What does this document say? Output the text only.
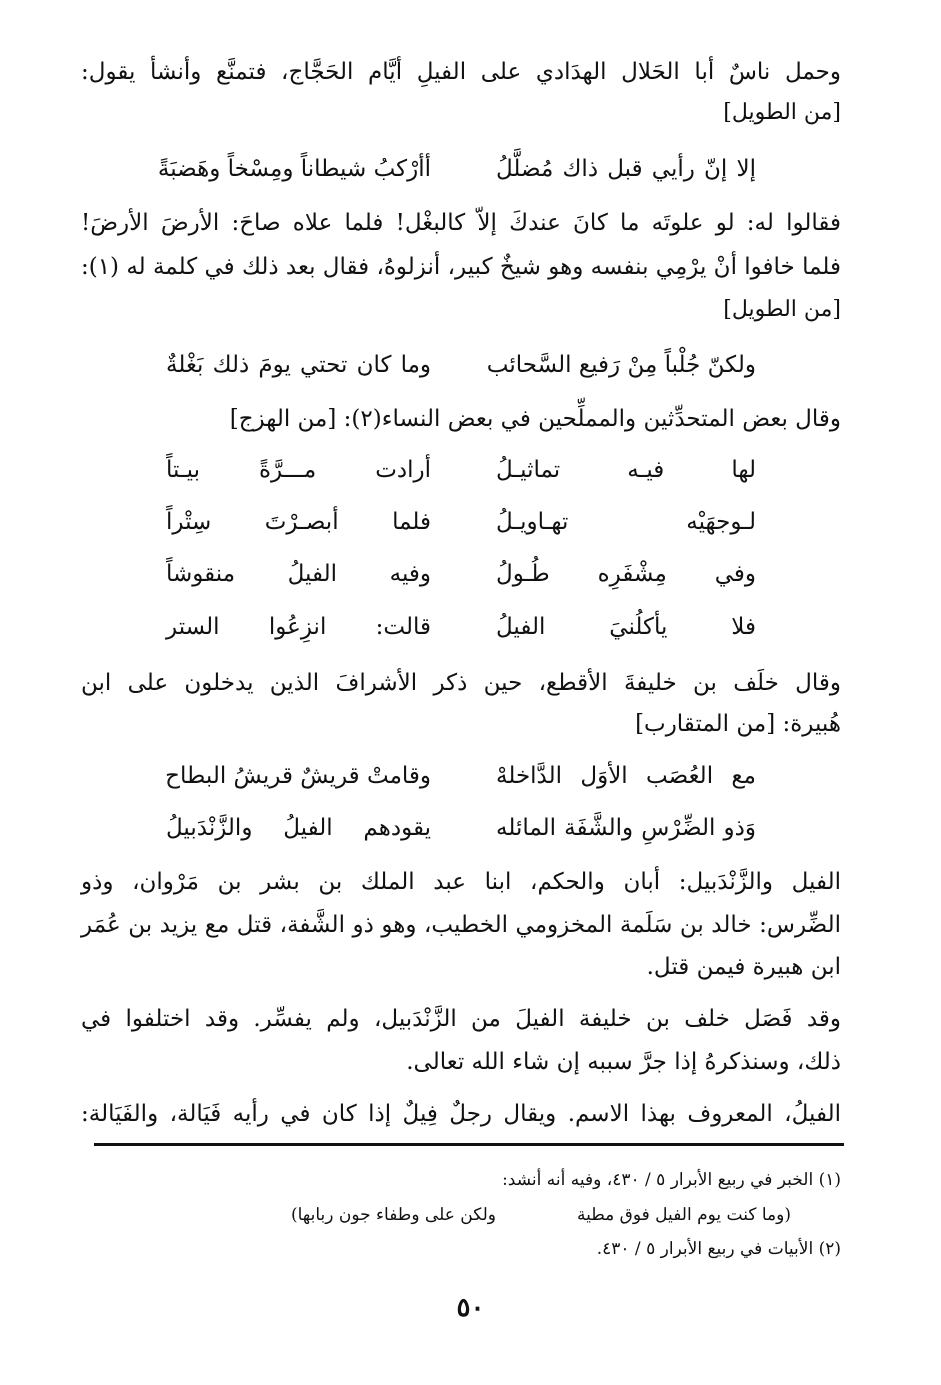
وحمل ناسٌ أبا الحَلال الهدَادي على الفيلِ أيَّام الحَجَّاج، فتمنَّع وأنشأ يقول:
[من الطويل]
أأرْكبُ شيطاناً ومِسْخاً وهَضبَةً	إلا إنّ رأيي قبل ذاك مُضلَّلُ
فقالوا له: لو علوتَه ما كانَ عندكَ إلاّ كالبغْل! فلما علاه صاحَ: الأرضَ الأرضَ!
فلما خافوا أنْ يرْمِي بنفسه وهو شيخٌ كبير، أنزلوهُ، فقال بعد ذلك في كلمة له (١):
[من الطويل]
وما كان تحتي يومَ ذلك بَغْلةٌ ولكنّ جُلْباً مِنْ رَفيع السَّحائب
وقال بعض المتحدِّثين والمملِّحين في بعض النساء(٢): [من الهزج]
أرادت مـــرَّةً بيـتاً	لها فيـه تماثيـلُ
فلما أبصـرْتَ سِتْراً	لـوجهَيْه تهـاويـلُ
وفيه الفيلُ منقوشاً	وفي مِشْفَرِه طُـولُ
قالت: انزِعُوا الستر	فلا يأكلُنيَ الفيلُ
وقال خلَف بن خليفةَ الأقطع، حين ذكر الأشرافَ الذين يدخلون على ابن
هُبيرة: [من المتقارب]
وقامتْ قريشٌ قريشُ البطاح	مع العُصَب الأوَل الدَّاخلهْ
يقودهم الفيلُ والزَّنْدَبيلُ	وَذو الضِّرْسِ والشَّفَة المائله
الفيل والزَّنْدَبيل: أبان والحكم، ابنا عبد الملك بن بشر بن مَرْوان، وذو
الضِّرس: خالد بن سَلَمة المخزومي الخطيب، وهو ذو الشَّفة، قتل مع يزيد بن عُمَر
ابن هبيرة فيمن قتل.
وقد فَصَل خلف بن خليفة الفيلَ من الزَّنْدَبيل، ولم يفسِّر. وقد اختلفوا في
ذلك، وسنذكرهُ إذا جرَّ سببه إن شاء الله تعالى.
الفيلُ، المعروف بهذا الاسم. ويقال رجلٌ فِيلٌ إذا كان في رأيه فَيَالة، والفَيَالة:
(١) الخبر في ربيع الأبرار ٥ / ٤٣٠، وفيه أنه أنشد:
(وما كنت يوم الفيل فوق مطية
ولكن على وطفاء جون ربابها)
(٢) الأبيات في ربيع الأبرار ٥ / ٤٣٠.
٥٠
